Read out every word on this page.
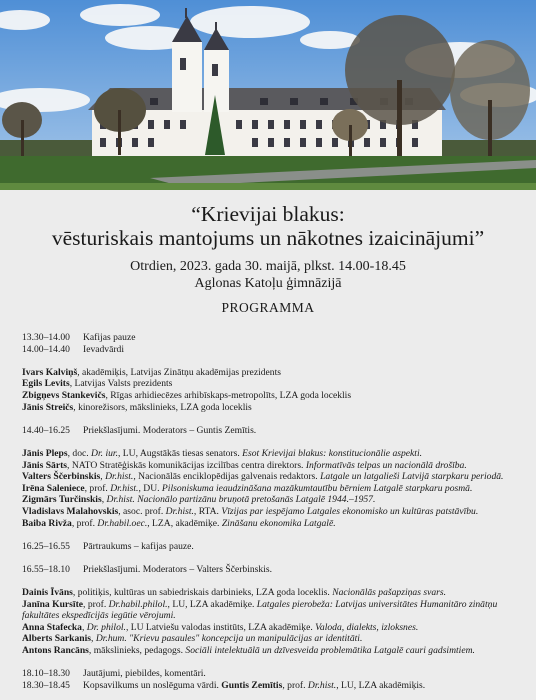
“Krievijai blakus:
vēsturiskais mantojums un nākotnes izaicinājumi”
Otrdien, 2023. gada 30. maijā, plkst. 14.00-18.45
Aglonas Katoļu ģimnāzijā
PROGRAMMA
13.30–14.00	Kafijas pauze
14.00–14.40	Ievadvārdi
Ivars Kalviņš, akadēmiķis, Latvijas Zinātņu akadēmijas prezidents
Egils Levits, Latvijas Valsts prezidents
Zbigņevs Stankevičs, Rīgas arhidiecēzes arhibīskaps-metropolīts, LZA goda loceklis
Jānis Streičs, kinorežisors, mākslinieks, LZA goda loceklis
14.40–16.25	Priekšlasījumi. Moderators – Guntis Zemītis.
Jānis Pleps, doc. Dr. iur., LU, Augstākās tiesas senators. Esot Krievijai blakus: konstitucionālie aspekti.
Jānis Sārts, NATO Stratēģiskās komunikācijas izcilības centra direktors. Informatīvās telpas un nacionālā drošība.
Valters Ščerbinskis, Dr.hist., Nacionālās enciklopēdijas galvenais redaktors. Latgale un latgalieši Latvijā starpkaru periodā.
Irēna Saleniece, prof. Dr.hist., DU. Pilsoniskuma ieaudzināšana mazākumtautību bērniem Latgalē starpkaru posmā.
Zigmārs Turčinskis, Dr.hist. Nacionālo partizānu bruņotā pretošanās Latgalē 1944.–1957.
Vladislavs Malahovskis, asoc. prof. Dr.hist., RTA. Vīzijas par iespējamo Latgales ekonomisko un kultūras patstāvību.
Baiba Rivža, prof. Dr.habil.oec., LZA, akadēmiķe. Zināšanu ekonomika Latgalē.
16.25–16.55	Pārtraukums – kafijas pauze.
16.55–18.10	Priekšlasījumi. Moderators – Valters Ščerbinskis.
Dainis Īvāns, politiķis, kultūras un sabiedriskais darbinieks, LZA goda loceklis. Nacionālās pašapziņas svars.
Janīna Kursīte, prof. Dr.habil.philol., LU, LZA akadēmiķe. Latgales pierobeža: Latvijas universitātes Humanitāro zinātņu fakultātes ekspedīcijās iegūtie vērojumi.
Anna Stafecka, Dr. philol., LU Latviešu valodas institūts, LZA akadēmiķe. Valoda, dialekts, izloksnes.
Alberts Sarkanis, Dr.hum. "Krievu pasaules" koncepcija un manipulācijas ar identitāti.
Antons Rancāns, mākslinieks, pedagogs. Sociāli intelektuālā un dzīvesveida problemātika Latgalē cauri gadsimtiem.
18.10–18.30	Jautājumi, piebildes, komentāri.
18.30–18.45	Kopsavilkums un noslēguma vārdi. Guntis Zemītis, prof. Dr.hist., LU, LZA akadēmiķis.
